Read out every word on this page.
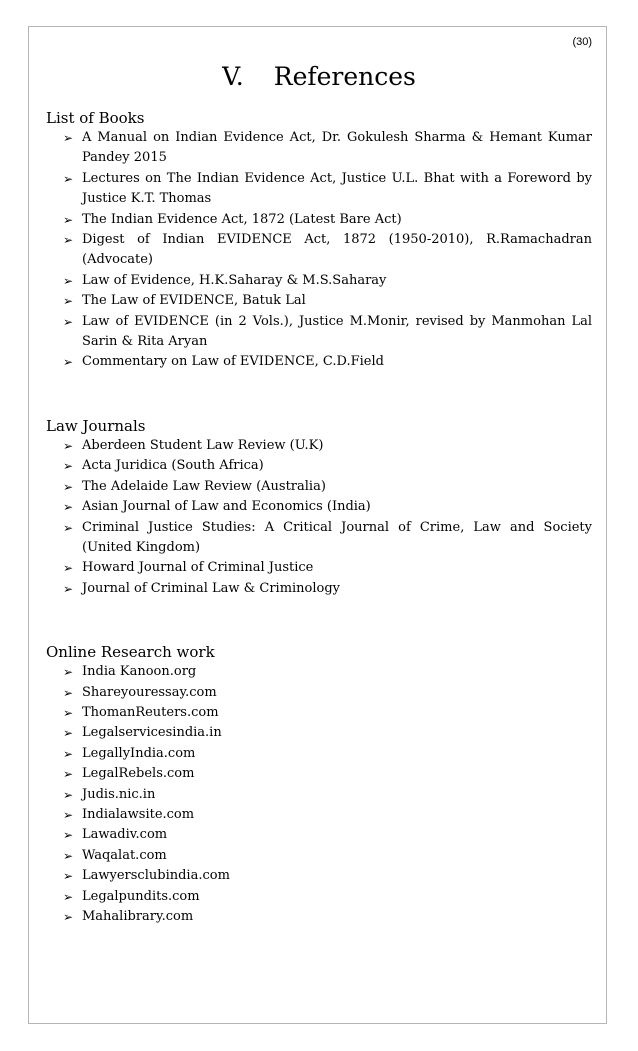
(30)
V. References
List of Books
➢ A Manual on Indian Evidence Act, Dr. Gokulesh Sharma & Hemant Kumar Pandey 2015
➢ Lectures on The Indian Evidence Act, Justice U.L. Bhat with a Foreword by Justice K.T. Thomas
➢ The Indian Evidence Act, 1872 (Latest Bare Act)
➢ Digest of Indian EVIDENCE Act, 1872 (1950-2010), R.Ramachadran (Advocate)
➢ Law of Evidence, H.K.Saharay & M.S.Saharay
➢ The Law of EVIDENCE, Batuk Lal
➢ Law of EVIDENCE (in 2 Vols.), Justice M.Monir, revised by Manmohan Lal Sarin & Rita Aryan
➢ Commentary on Law of EVIDENCE, C.D.Field
Law Journals
➢ Aberdeen Student Law Review (U.K)
➢ Acta Juridica (South Africa)
➢ The Adelaide Law Review (Australia)
➢ Asian Journal of Law and Economics (India)
➢ Criminal Justice Studies: A Critical Journal of Crime, Law and Society (United Kingdom)
➢ Howard Journal of Criminal Justice
➢ Journal of Criminal Law & Criminology
Online Research work
➢ India Kanoon.org
➢ Shareyouressay.com
➢ ThomanReuters.com
➢ Legalservicesindia.in
➢ LegallyIndia.com
➢ LegalRebels.com
➢ Judis.nic.in
➢ Indialawsite.com
➢ Lawadiv.com
➢ Waqalat.com
➢ Lawyersclubindia.com
➢ Legalpundits.com
➢ Mahalibrary.com
